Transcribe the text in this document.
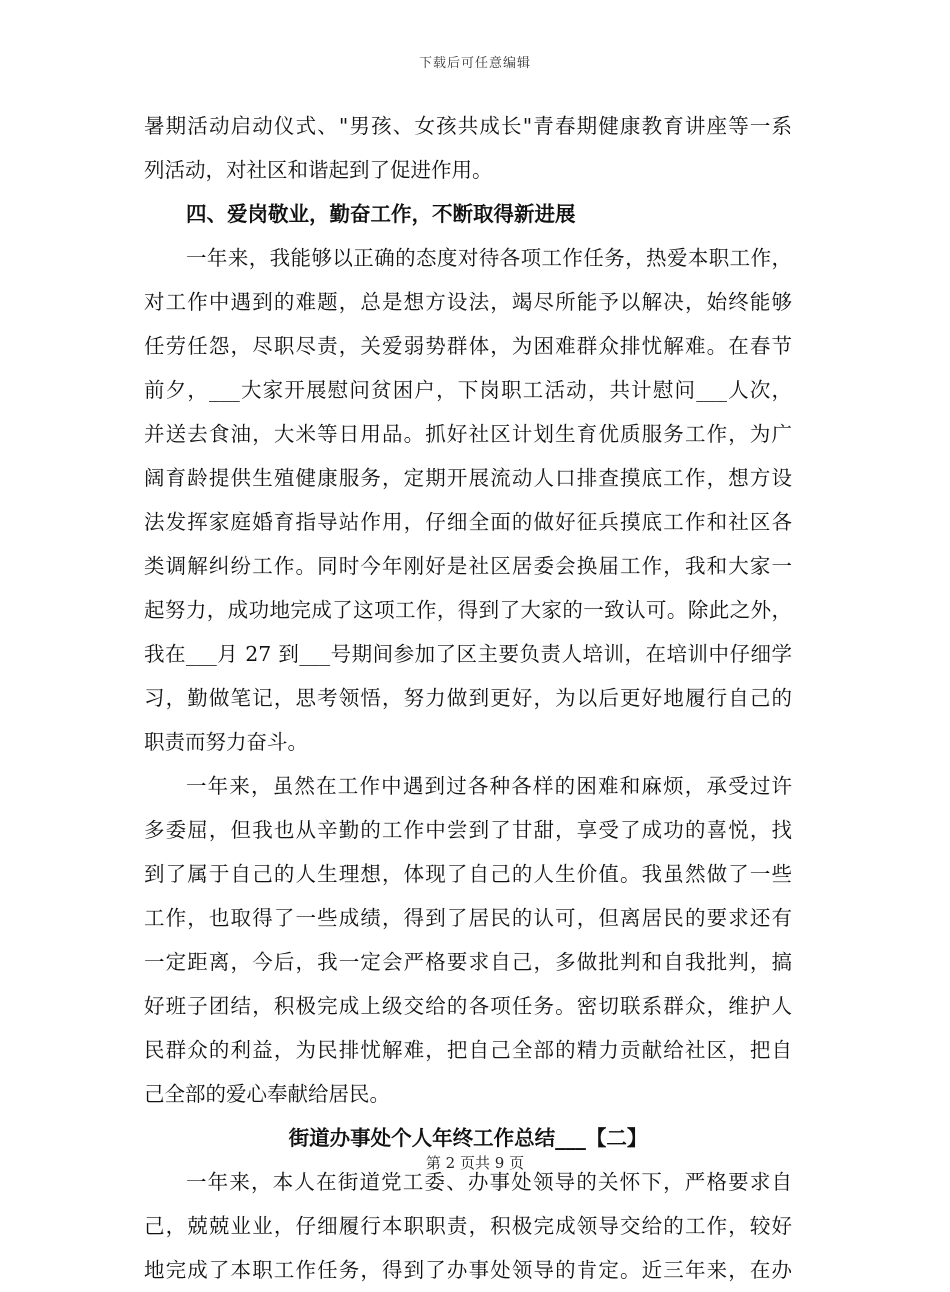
下载后可任意编辑
暑期活动启动仪式、"男孩、女孩共成长"青春期健康教育讲座等一系
列活动，对社区和谐起到了促进作用。
四、爱岗敬业，勤奋工作，不断取得新进展
一年来，我能够以正确的态度对待各项工作任务，热爱本职工作，
对工作中遇到的难题，总是想方设法，竭尽所能予以解决，始终能够
任劳任怨，尽职尽责，关爱弱势群体，为困难群众排忧解难。在春节
前夕，___大家开展慰问贫困户，下岗职工活动，共计慰问___人次，
并送去食油，大米等日用品。抓好社区计划生育优质服务工作，为广
阔育龄提供生殖健康服务，定期开展流动人口排查摸底工作，想方设
法发挥家庭婚育指导站作用，仔细全面的做好征兵摸底工作和社区各
类调解纠纷工作。同时今年刚好是社区居委会换届工作，我和大家一
起努力，成功地完成了这项工作，得到了大家的一致认可。除此之外，
我在___月 27 到___号期间参加了区主要负责人培训，在培训中仔细学
习，勤做笔记，思考领悟，努力做到更好，为以后更好地履行自己的
职责而努力奋斗。
一年来，虽然在工作中遇到过各种各样的困难和麻烦，承受过许
多委屈，但我也从辛勤的工作中尝到了甘甜，享受了成功的喜悦，找
到了属于自己的人生理想，体现了自己的人生价值。我虽然做了一些
工作，也取得了一些成绩，得到了居民的认可，但离居民的要求还有
一定距离，今后，我一定会严格要求自己，多做批判和自我批判，搞
好班子团结，积极完成上级交给的各项任务。密切联系群众，维护人
民群众的利益，为民排忧解难，把自己全部的精力贡献给社区，把自
己全部的爱心奉献给居民。
街道办事处个人年终工作总结___【二】
一年来，本人在街道党工委、办事处领导的关怀下，严格要求自
己，兢兢业业，仔细履行本职职责，积极完成领导交给的工作，较好
地完成了本职工作任务，得到了办事处领导的肯定。近三年来，在办
第 2 页共 9 页
